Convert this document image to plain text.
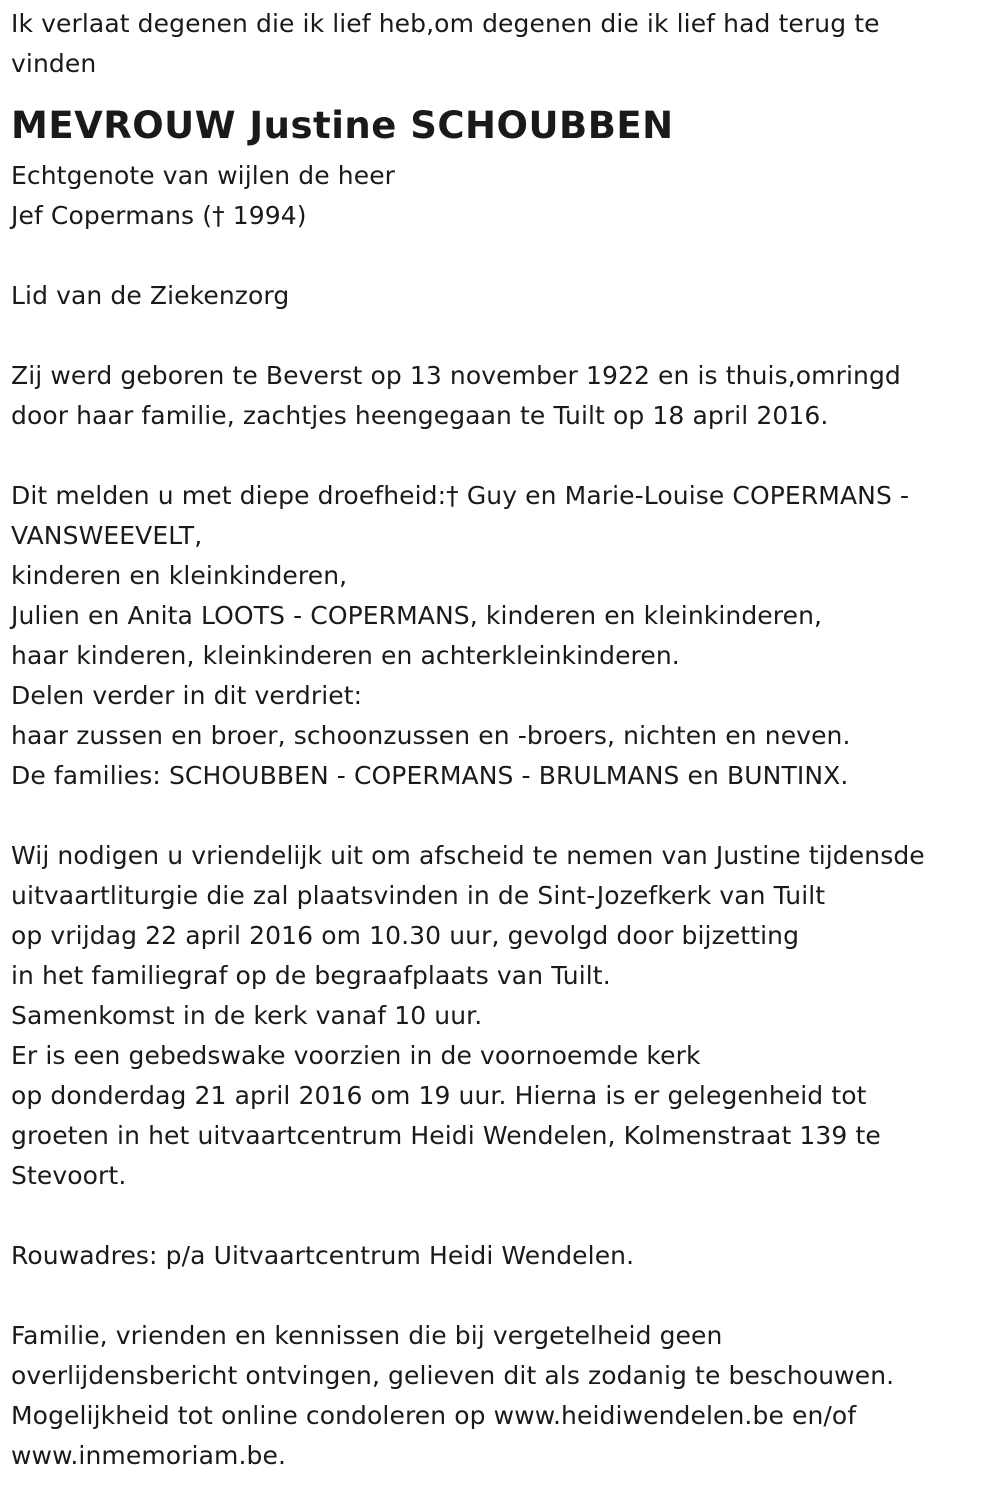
Ik verlaat degenen die ik lief heb,om degenen die ik lief had terug te
vinden
MEVROUW Justine SCHOUBBEN
Echtgenote van wijlen de heer
Jef Copermans († 1994)
Lid van de Ziekenzorg
Zij werd geboren te Beverst op 13 november 1922 en is thuis,omringd
door haar familie, zachtjes heengegaan te Tuilt op 18 april 2016.
Dit melden u met diepe droefheid:† Guy en Marie-Louise COPERMANS -
VANSWEEVELT,
kinderen en kleinkinderen,
Julien en Anita LOOTS - COPERMANS, kinderen en kleinkinderen,
haar kinderen, kleinkinderen en achterkleinkinderen.
Delen verder in dit verdriet:
haar zussen en broer, schoonzussen en -broers, nichten en neven.
De families: SCHOUBBEN - COPERMANS - BRULMANS en BUNTINX.
Wij nodigen u vriendelijk uit om afscheid te nemen van Justine tijdensde
uitvaartliturgie die zal plaatsvinden in de Sint-Jozefkerk van Tuilt
op vrijdag 22 april 2016 om 10.30 uur, gevolgd door bijzetting
in het familiegraf op de begraafplaats van Tuilt.
Samenkomst in de kerk vanaf 10 uur.
Er is een gebedswake voorzien in de voornoemde kerk
op donderdag 21 april 2016 om 19 uur. Hierna is er gelegenheid tot
groeten in het uitvaartcentrum Heidi Wendelen, Kolmenstraat 139 te
Stevoort.
Rouwadres: p/a Uitvaartcentrum Heidi Wendelen.
Familie, vrienden en kennissen die bij vergetelheid geen
overlijdensbericht ontvingen, gelieven dit als zodanig te beschouwen.
Mogelijkheid tot online condoleren op www.heidiwendelen.be en/of
www.inmemoriam.be.
